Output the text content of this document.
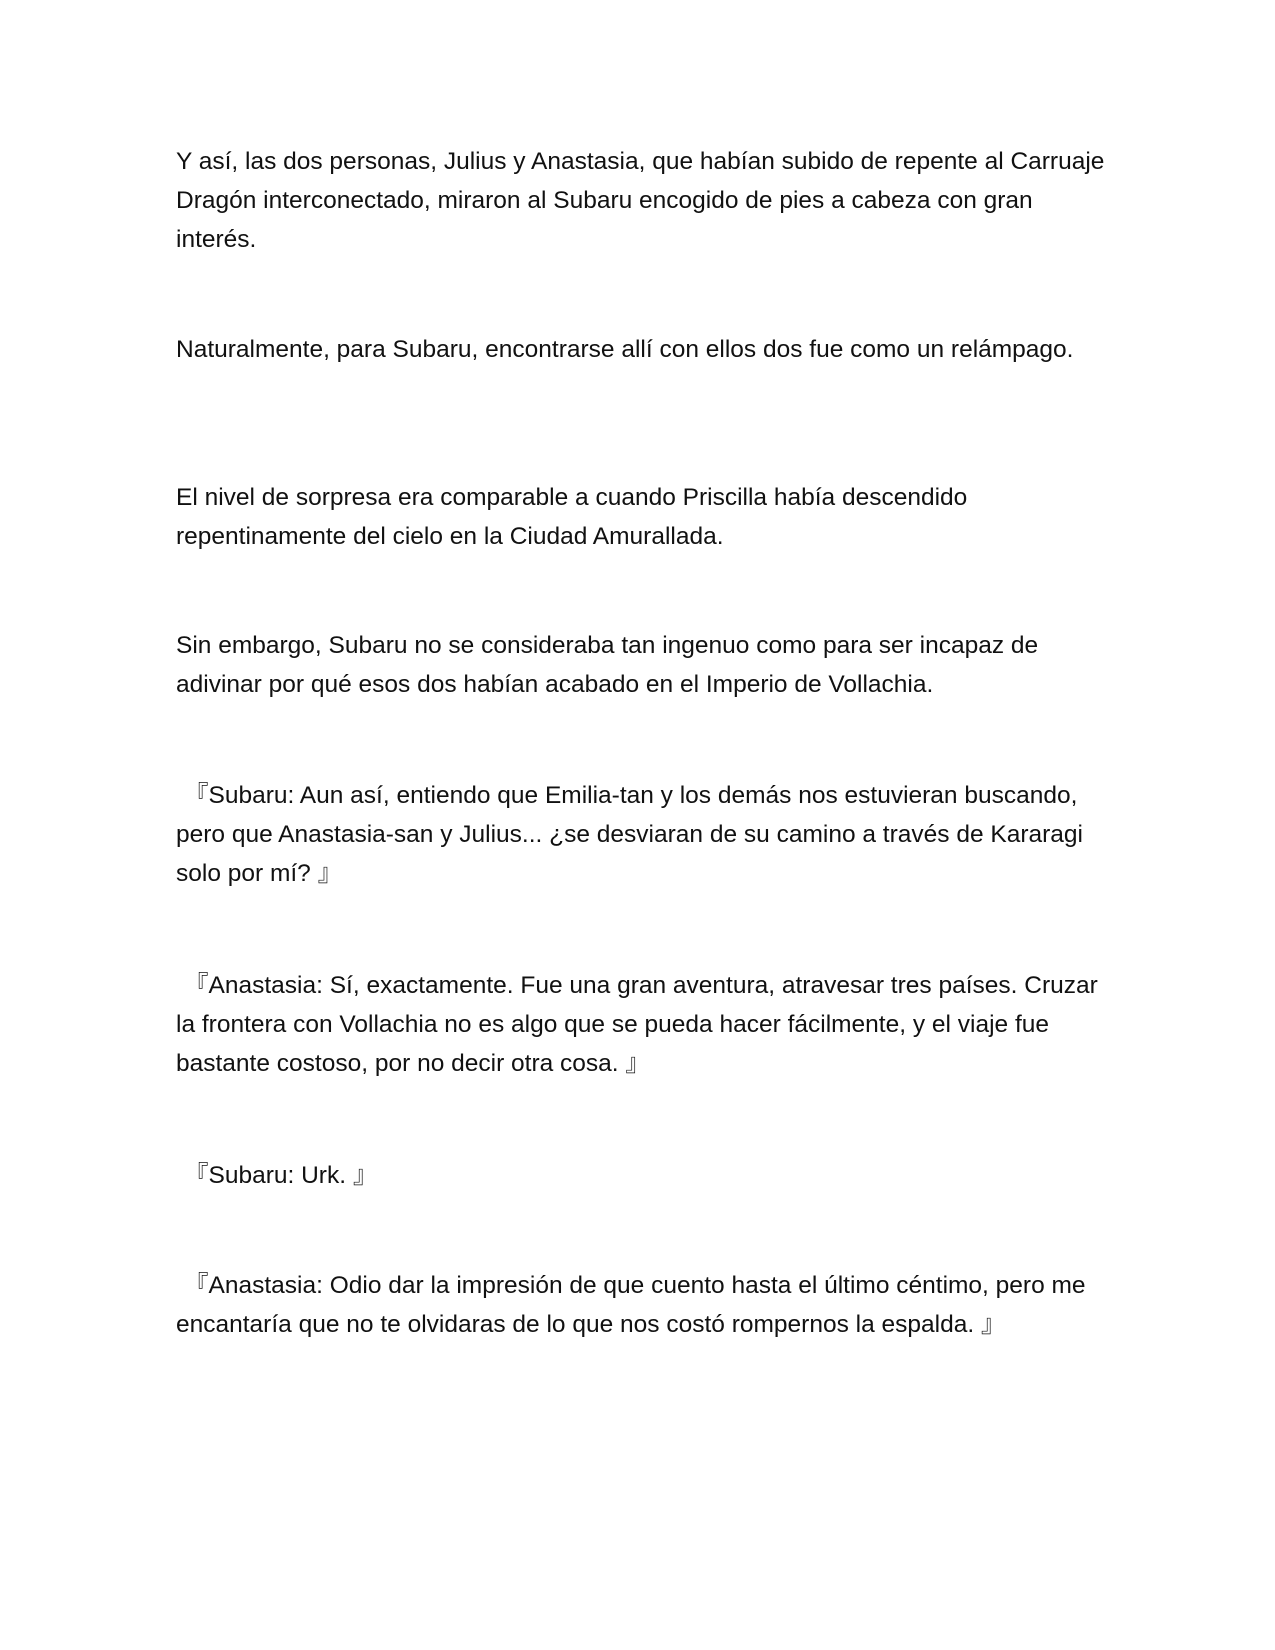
Y así, las dos personas, Julius y Anastasia, que habían subido de repente al Carruaje Dragón interconectado, miraron al Subaru encogido de pies a cabeza con gran interés.

Naturalmente, para Subaru, encontrarse allí con ellos dos fue como un relámpago.

El nivel de sorpresa era comparable a cuando Priscilla había descendido repentinamente del cielo en la Ciudad Amurallada.

Sin embargo, Subaru no se consideraba tan ingenuo como para ser incapaz de adivinar por qué esos dos habían acabado en el Imperio de Vollachia.

『Subaru: Aun así, entiendo que Emilia-tan y los demás nos estuvieran buscando, pero que Anastasia-san y Julius... ¿se desviaran de su camino a través de Kararagi solo por mí? 』

『Anastasia: Sí, exactamente. Fue una gran aventura, atravesar tres países. Cruzar la frontera con Vollachia no es algo que se pueda hacer fácilmente, y el viaje fue bastante costoso, por no decir otra cosa. 』

『Subaru: Urk. 』

『Anastasia: Odio dar la impresión de que cuento hasta el último céntimo, pero me encantaría que no te olvidaras de lo que nos costó rompernos la espalda. 』
